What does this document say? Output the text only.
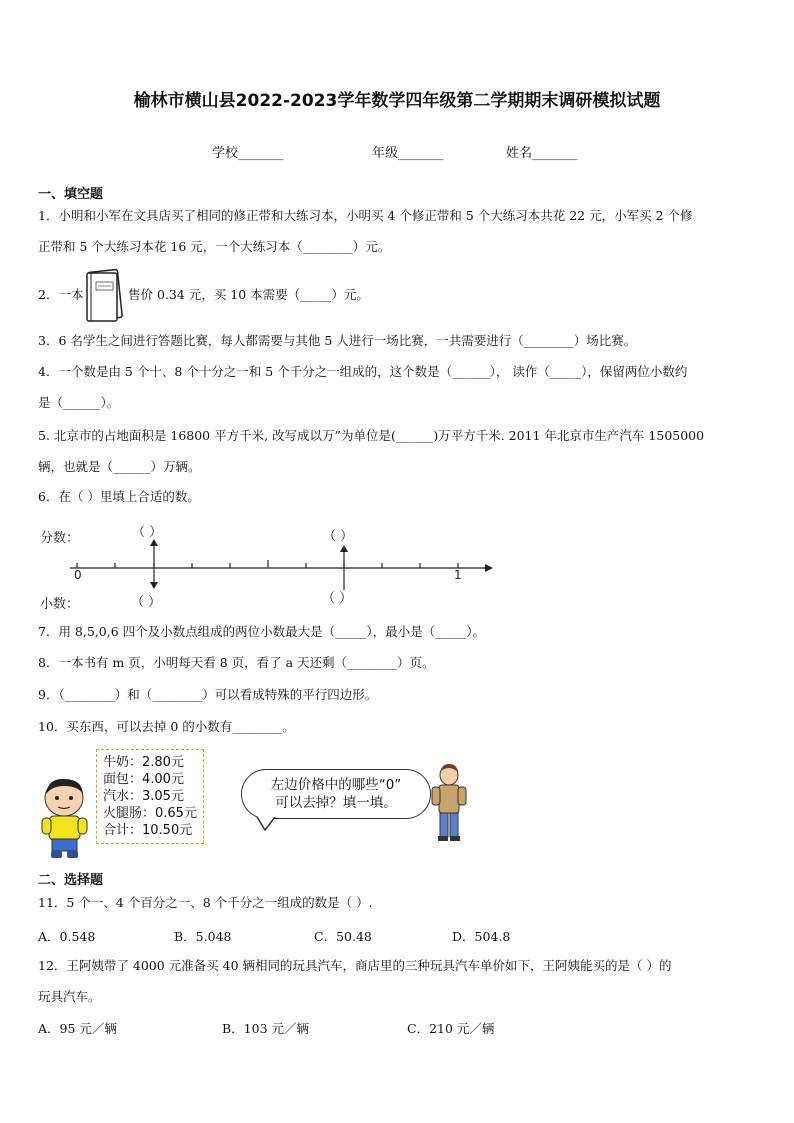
榆林市横山县2022-2023学年数学四年级第二学期期末调研模拟试题
学校_______	年级_______	姓名_______
一、填空题
1．小明和小军在文具店买了相同的修正带和大练习本，小明买 4 个修正带和 5 个大练习本共花 22 元，小军买 2 个修
正带和 5 个大练习本花 16 元，一个大练习本（________）元。
2．一本	售价 0.34 元，买 10 本需要（_____）元。
3．6 名学生之间进行答题比赛，每人都需要与其他 5 人进行一场比赛，一共需要进行（________）场比赛。
4．一个数是由 5 个十、8 个十分之一和 5 个千分之一组成的，这个数是（______）， 读作（_____），保留两位小数约
是（______）。
5. 北京市的占地面积是 16800 平方千米, 改写成以万”为单位是(______)万平方千米. 2011 年北京市生产汽车 1505000
辆，也就是（______）万辆。
6．在（ ）里填上合适的数。
分数：
小数：
（ ）	（ ）
（ ）	（ ）
0	1
7．用 8,5,0,6 四个及小数点组成的两位小数最大是（_____），最小是（_____）。
8．一本书有 m 页，小明每天看 8 页，看了 a 天还剩（________）页。
9．（________）和（________）可以看成特殊的平行四边形。
10．买东西，可以去掉 0 的小数有________。
牛奶：2.80元
面包：4.00元
汽水：3.05元
火腿肠：0.65元
合计：10.50元
左边价格中的哪些“0”
可以去掉？填一填。
二、选择题
11．5 个一、4 个百分之一、8 个千分之一组成的数是（ ）.
A．0.548	B．5.048	C．50.48	D．504.8
12．王阿姨带了 4000 元准备买 40 辆相同的玩具汽车，商店里的三种玩具汽车单价如下，王阿姨能买的是（ ）的
玩具汽车。
A．95 元／辆	B．103 元／辆	C．210 元／辆
